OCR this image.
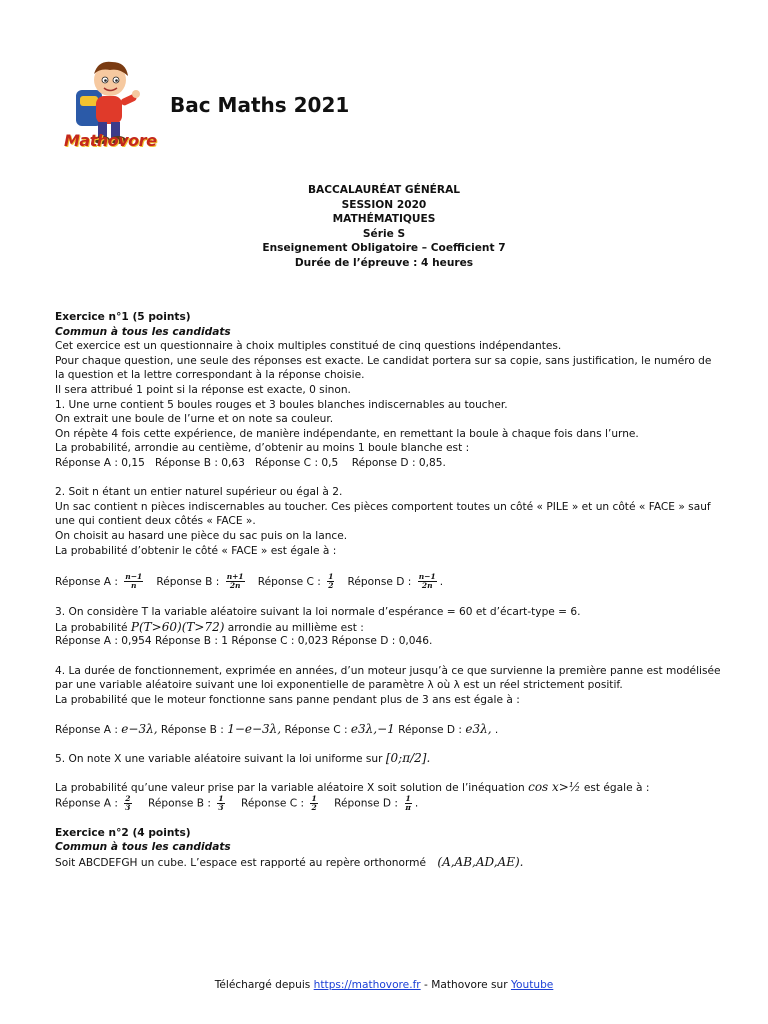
Mathovore
Bac Maths 2021
BACCALAURÉAT GÉNÉRAL
SESSION 2020
MATHÉMATIQUES
Série S
Enseignement Obligatoire – Coefficient 7
Durée de l’épreuve : 4 heures
Exercice n°1 (5 points)
Commun à tous les candidats
Cet exercice est un questionnaire à choix multiples constitué de cinq questions indépendantes.
Pour chaque question, une seule des réponses est exacte. Le candidat portera sur sa copie, sans justification, le numéro de
la question et la lettre correspondant à la réponse choisie.
Il sera attribué 1 point si la réponse est exacte, 0 sinon.
1. Une urne contient 5 boules rouges et 3 boules blanches indiscernables au toucher.
On extrait une boule de l’urne et on note sa couleur.
On répète 4 fois cette expérience, de manière indépendante, en remettant la boule à chaque fois dans l’urne.
La probabilité, arrondie au centième, d’obtenir au moins 1 boule blanche est :
Réponse A : 0,15   Réponse B : 0,63   Réponse C : 0,5    Réponse D : 0,85.
2. Soit n étant un entier naturel supérieur ou égal à 2.
Un sac contient n pièces indiscernables au toucher. Ces pièces comportent toutes un côté « PILE » et un côté « FACE » sauf
une qui contient deux côtés « FACE ».
On choisit au hasard une pièce du sac puis on la lance.
La probabilité d’obtenir le côté « FACE » est égale à :
Réponse A : $\frac{n-1}{n}$ Réponse B : $\frac{n+1}{2n}$ Réponse C : $\frac{1}{2}$ Réponse D : $\frac{n-1}{2n}$ .
3. On considère T la variable aléatoire suivant la loi normale d’espérance = 60 et d’écart-type = 6.
La probabilité P(T>60)(T>72) arrondie au millième est :
Réponse A : 0,954 Réponse B : 1 Réponse C : 0,023 Réponse D : 0,046.
4. La durée de fonctionnement, exprimée en années, d’un moteur jusqu’à ce que survienne la première panne est modélisée
par une variable aléatoire suivant une loi exponentielle de paramètre λ où λ est un réel strictement positif.
La probabilité que le moteur fonctionne sans panne pendant plus de 3 ans est égale à :
Réponse A : e−3λ, Réponse B : 1−e−3λ, Réponse C : e3λ,−1 Réponse D : e3λ, .
5. On note X une variable aléatoire suivant la loi uniforme sur [0;π/2].
La probabilité qu’une valeur prise par la variable aléatoire X soit solution de l’inéquation cos x>½ est égale à :
Réponse A : $\frac{2}{3}$ Réponse B : $\frac{1}{3}$ Réponse C : $\frac{1}{2}$ Réponse D : $\frac{1}{\pi}$ .
Exercice n°2 (4 points)
Commun à tous les candidats
Soit ABCDEFGH un cube. L’espace est rapporté au repère orthonormé (A,AB,AD,AE).
Téléchargé depuis https://mathovore.fr - Mathovore sur Youtube
